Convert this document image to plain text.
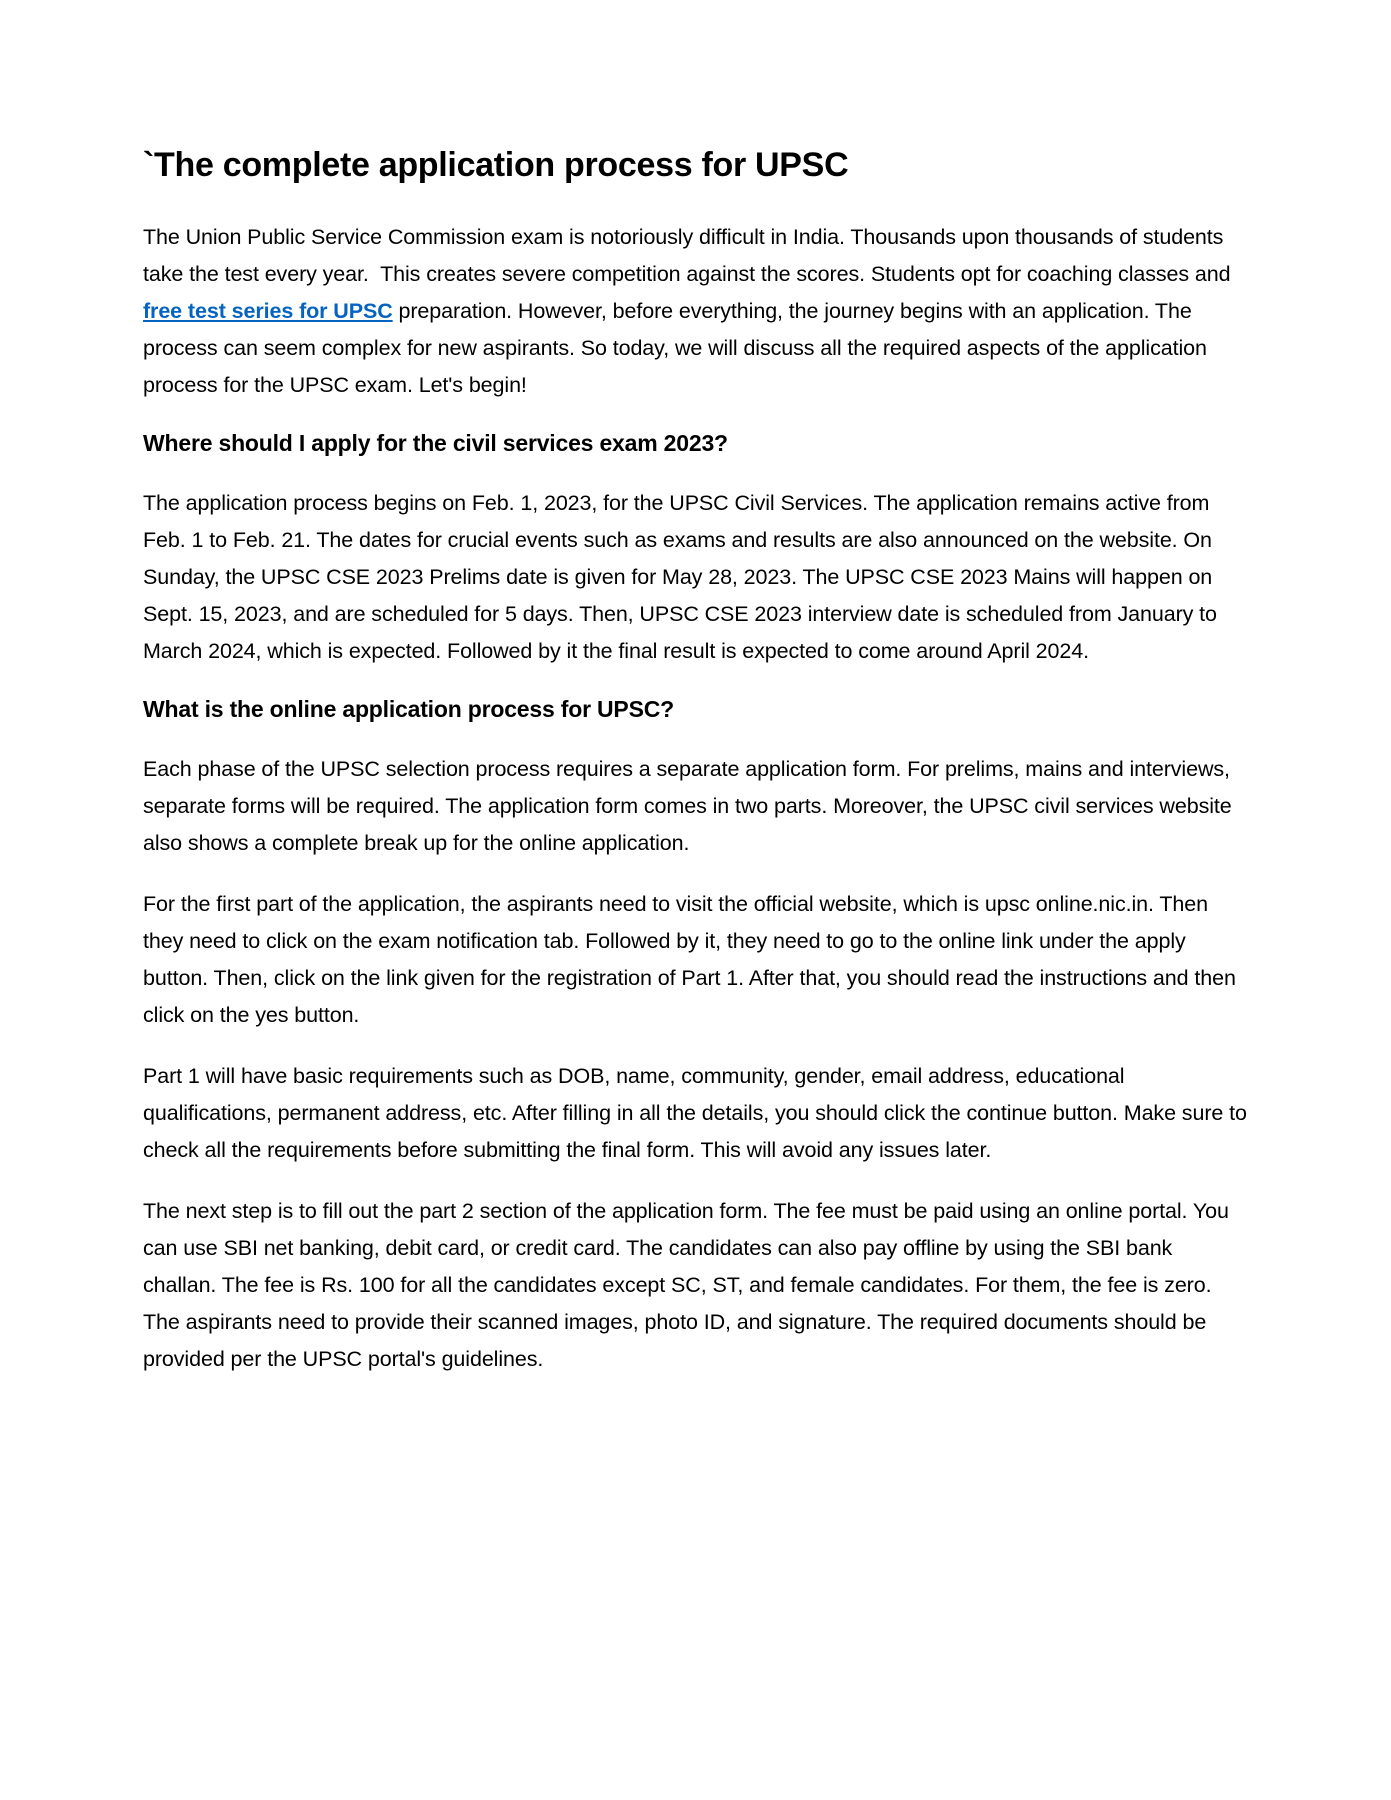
`The complete application process for UPSC

The Union Public Service Commission exam is notoriously difficult in India. Thousands upon thousands of students take the test every year.  This creates severe competition against the scores. Students opt for coaching classes and free test series for UPSC preparation. However, before everything, the journey begins with an application. The process can seem complex for new aspirants. So today, we will discuss all the required aspects of the application process for the UPSC exam. Let's begin!

Where should I apply for the civil services exam 2023?

The application process begins on Feb. 1, 2023, for the UPSC Civil Services. The application remains active from Feb. 1 to Feb. 21. The dates for crucial events such as exams and results are also announced on the website. On Sunday, the UPSC CSE 2023 Prelims date is given for May 28, 2023. The UPSC CSE 2023 Mains will happen on Sept. 15, 2023, and are scheduled for 5 days. Then, UPSC CSE 2023 interview date is scheduled from January to March 2024, which is expected. Followed by it the final result is expected to come around April 2024.

What is the online application process for UPSC?

Each phase of the UPSC selection process requires a separate application form. For prelims, mains and interviews, separate forms will be required. The application form comes in two parts. Moreover, the UPSC civil services website also shows a complete break up for the online application.

For the first part of the application, the aspirants need to visit the official website, which is upsc online.nic.in. Then they need to click on the exam notification tab. Followed by it, they need to go to the online link under the apply button. Then, click on the link given for the registration of Part 1. After that, you should read the instructions and then click on the yes button.

Part 1 will have basic requirements such as DOB, name, community, gender, email address, educational qualifications, permanent address, etc. After filling in all the details, you should click the continue button. Make sure to check all the requirements before submitting the final form. This will avoid any issues later.

The next step is to fill out the part 2 section of the application form. The fee must be paid using an online portal. You can use SBI net banking, debit card, or credit card. The candidates can also pay offline by using the SBI bank challan. The fee is Rs. 100 for all the candidates except SC, ST, and female candidates. For them, the fee is zero. The aspirants need to provide their scanned images, photo ID, and signature. The required documents should be provided per the UPSC portal's guidelines.
